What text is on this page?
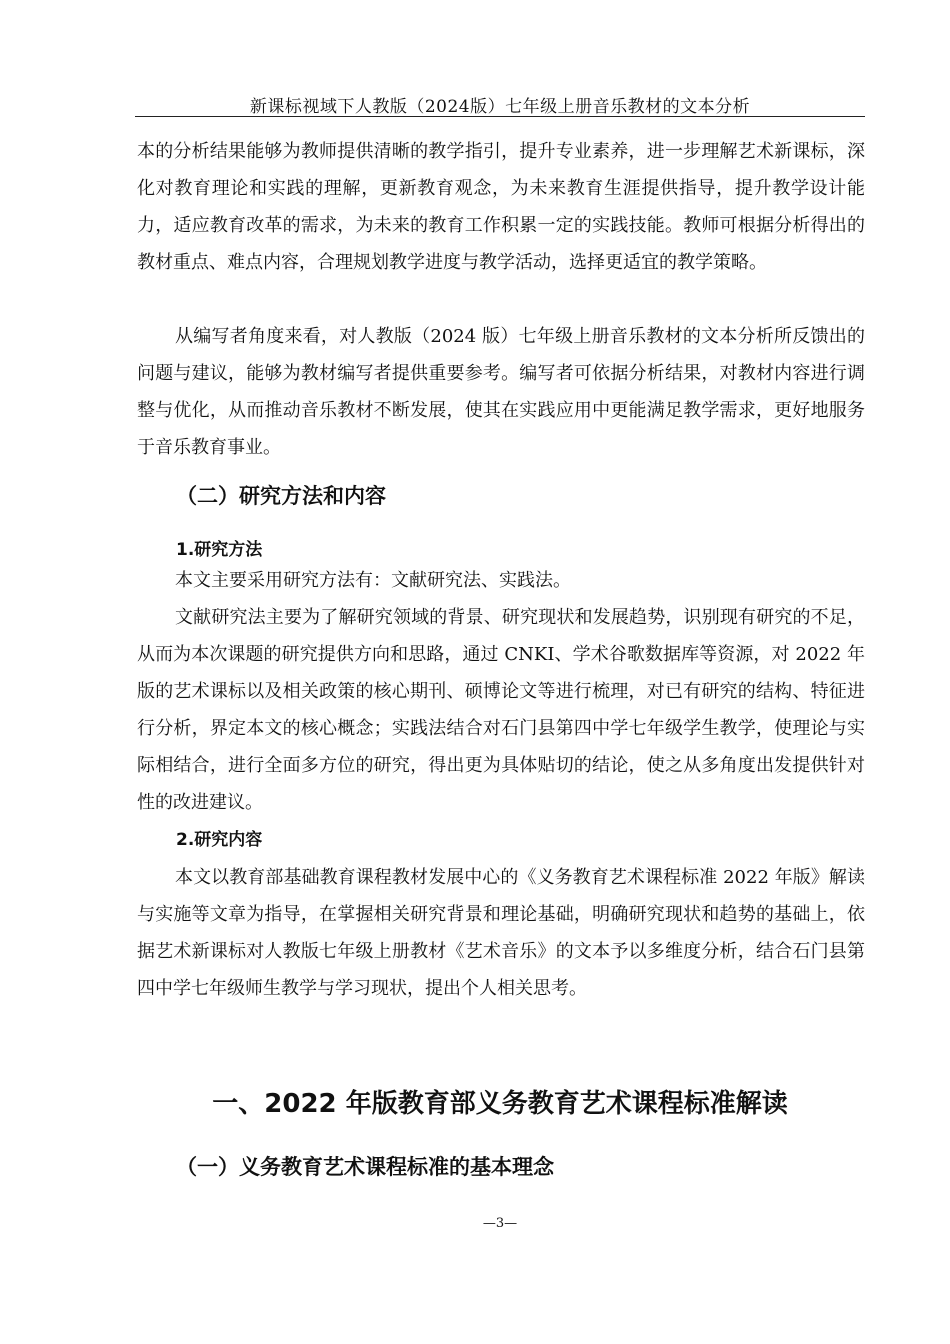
新课标视域下人教版（2024版）七年级上册音乐教材的文本分析

本的分析结果能够为教师提供清晰的教学指引，提升专业素养，进一步理解艺术新课标，深化对教育理论和实践的理解，更新教育观念，为未来教育生涯提供指导，提升教学设计能力，适应教育改革的需求，为未来的教育工作积累一定的实践技能。教师可根据分析得出的教材重点、难点内容，合理规划教学进度与教学活动，选择更适宜的教学策略。

从编写者角度来看，对人教版（2024 版）七年级上册音乐教材的文本分析所反馈出的问题与建议，能够为教材编写者提供重要参考。编写者可依据分析结果，对教材内容进行调整与优化，从而推动音乐教材不断发展，使其在实践应用中更能满足教学需求，更好地服务于音乐教育事业。

（二）研究方法和内容
1.研究方法

本文主要采用研究方法有：文献研究法、实践法。

文献研究法主要为了解研究领域的背景、研究现状和发展趋势，识别现有研究的不足，从而为本次课题的研究提供方向和思路，通过 CNKI、学术谷歌数据库等资源，对 2022 年版的艺术课标以及相关政策的核心期刊、硕博论文等进行梳理，对已有研究的结构、特征进行分析，界定本文的核心概念；实践法结合对石门县第四中学七年级学生教学，使理论与实际相结合，进行全面多方位的研究，得出更为具体贴切的结论，使之从多角度出发提供针对性的改进建议。

2.研究内容

本文以教育部基础教育课程教材发展中心的《义务教育艺术课程标准 2022 年版》解读与实施等文章为指导，在掌握相关研究背景和理论基础，明确研究现状和趋势的基础上，依据艺术新课标对人教版七年级上册教材《艺术音乐》的文本予以多维度分析，结合石门县第四中学七年级师生教学与学习现状，提出个人相关思考。

一、2022 年版教育部义务教育艺术课程标准解读
（一）义务教育艺术课程标准的基本理念
—3—
